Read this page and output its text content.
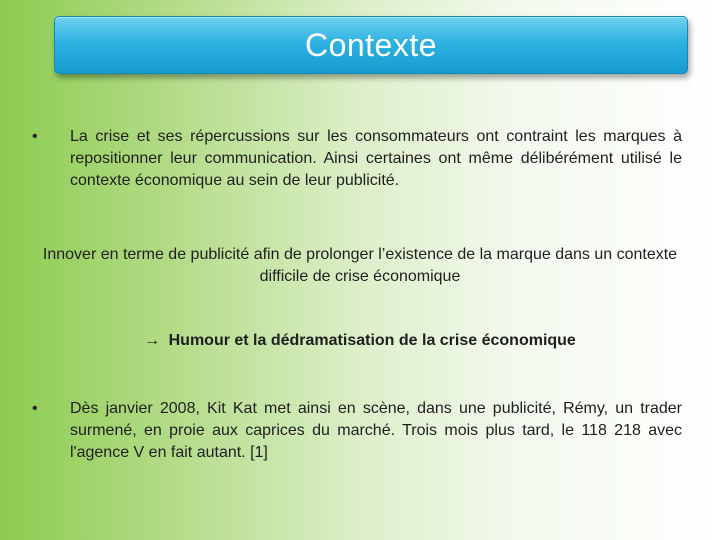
Contexte
•	La crise et ses répercussions sur les consommateurs ont contraint les marques à repositionner leur communication. Ainsi certaines ont même délibérément utilisé le contexte économique au sein de leur publicité.
Innover en terme de publicité afin de prolonger l’existence de la marque dans un contexte difficile de crise économique
→ Humour et la dédramatisation de la crise économique
•	Dès janvier 2008, Kit Kat met ainsi en scène, dans une publicité, Rémy, un trader surmené, en proie aux caprices du marché. Trois mois plus tard, le 118 218 avec l'agence V en fait autant. [1]
